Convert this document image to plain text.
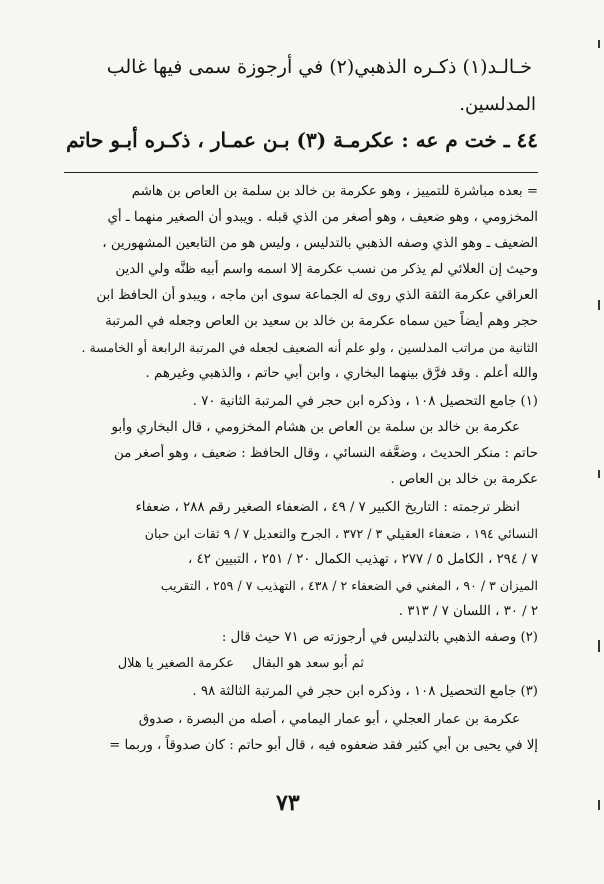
خـالـد(١) ذكـره الذهبي(٢) في أرجوزة سمى فيها غالب
المدلسين.
٤٤ ـ خت م عه : عكرمـة (٣) بـن عمـار ، ذكـره أبـو حاتم
= بعده مباشرة للتمييز ، وهو عكرمة بن خالد بن سلمة بن العاص بن هاشم
المخزومي ، وهو ضعيف ، وهو أصغر من الذي قبله . ويبدو أن الصغير منهما ـ أي
الضعيف ـ وهو الذي وصفه الذهبي بالتدليس ، وليس هو من التابعين المشهورين ،
وحيث إن العلائي لم يذكر من نسب عكرمة إلا اسمه واسم أبيه ظنَّه ولي الدين
العراقي عكرمة الثقة الذي روى له الجماعة سوى ابن ماجه ، ويبدو أن الحافظ ابن
حجر وهم أيضاً حين سماه عكرمة بن خالد بن سعيد بن العاص وجعله في المرتبة
الثانية من مراتب المدلسين ، ولو علم أنه الضعيف لجعله في المرتبة الرابعة أو الخامسة .
والله أعلم . وقد فرَّق بينهما البخاري ، وابن أبي حاتم ، والذهبي وغيرهم .
(١) جامع التحصيل ١٠٨ ، وذكره ابن حجر في المرتبة الثانية ٧٠ .
عكرمة بن خالد بن سلمة بن العاص بن هشام المخزومي ، قال البخاري وأبو
حاتم : منكر الحديث ، وضعَّفه النسائي ، وقال الحافظ : ضعيف ، وهو أصغر من
عكرمة بن خالد بن العاص .
انظر ترجمته : التاريخ الكبير ٧ / ٤٩ ، الضعفاء الصغير رقم ٢٨٨ ، ضعفاء
النسائي ١٩٤ ، ضعفاء العقيلي ٣ / ٣٧٢ ، الجرح والتعديل ٧ / ٩ ثقات ابن حبان
٧ / ٢٩٤ ، الكامل ٥ / ٢٧٧ ، تهذيب الكمال ٢٠ / ٢٥١ ، التبيين ٤٢ ،
الميزان ٣ / ٩٠ ، المغني في الضعفاء ٢ / ٤٣٨ ، التهذيب ٧ / ٢٥٩ ، التقريب
٢ / ٣٠ ، اللسان ٧ / ٣١٣ .
(٢) وصفه الذهبي بالتدليس في أرجوزته ص ٧١ حيث قال :
ثم أبو سعد هو البقال
عكرمة الصغير يا هلال
(٣) جامع التحصيل ١٠٨ ، وذكره ابن حجر في المرتبة الثالثة ٩٨ .
عكرمة بن عمار العجلي ، أبو عمار اليمامي ، أصله من البصرة ، صدوق
إلا في يحيى بن أبي كثير فقد ضعفوه فيه ، قال أبو حاتم : كان صدوقاً ، وربما =
٧٣
